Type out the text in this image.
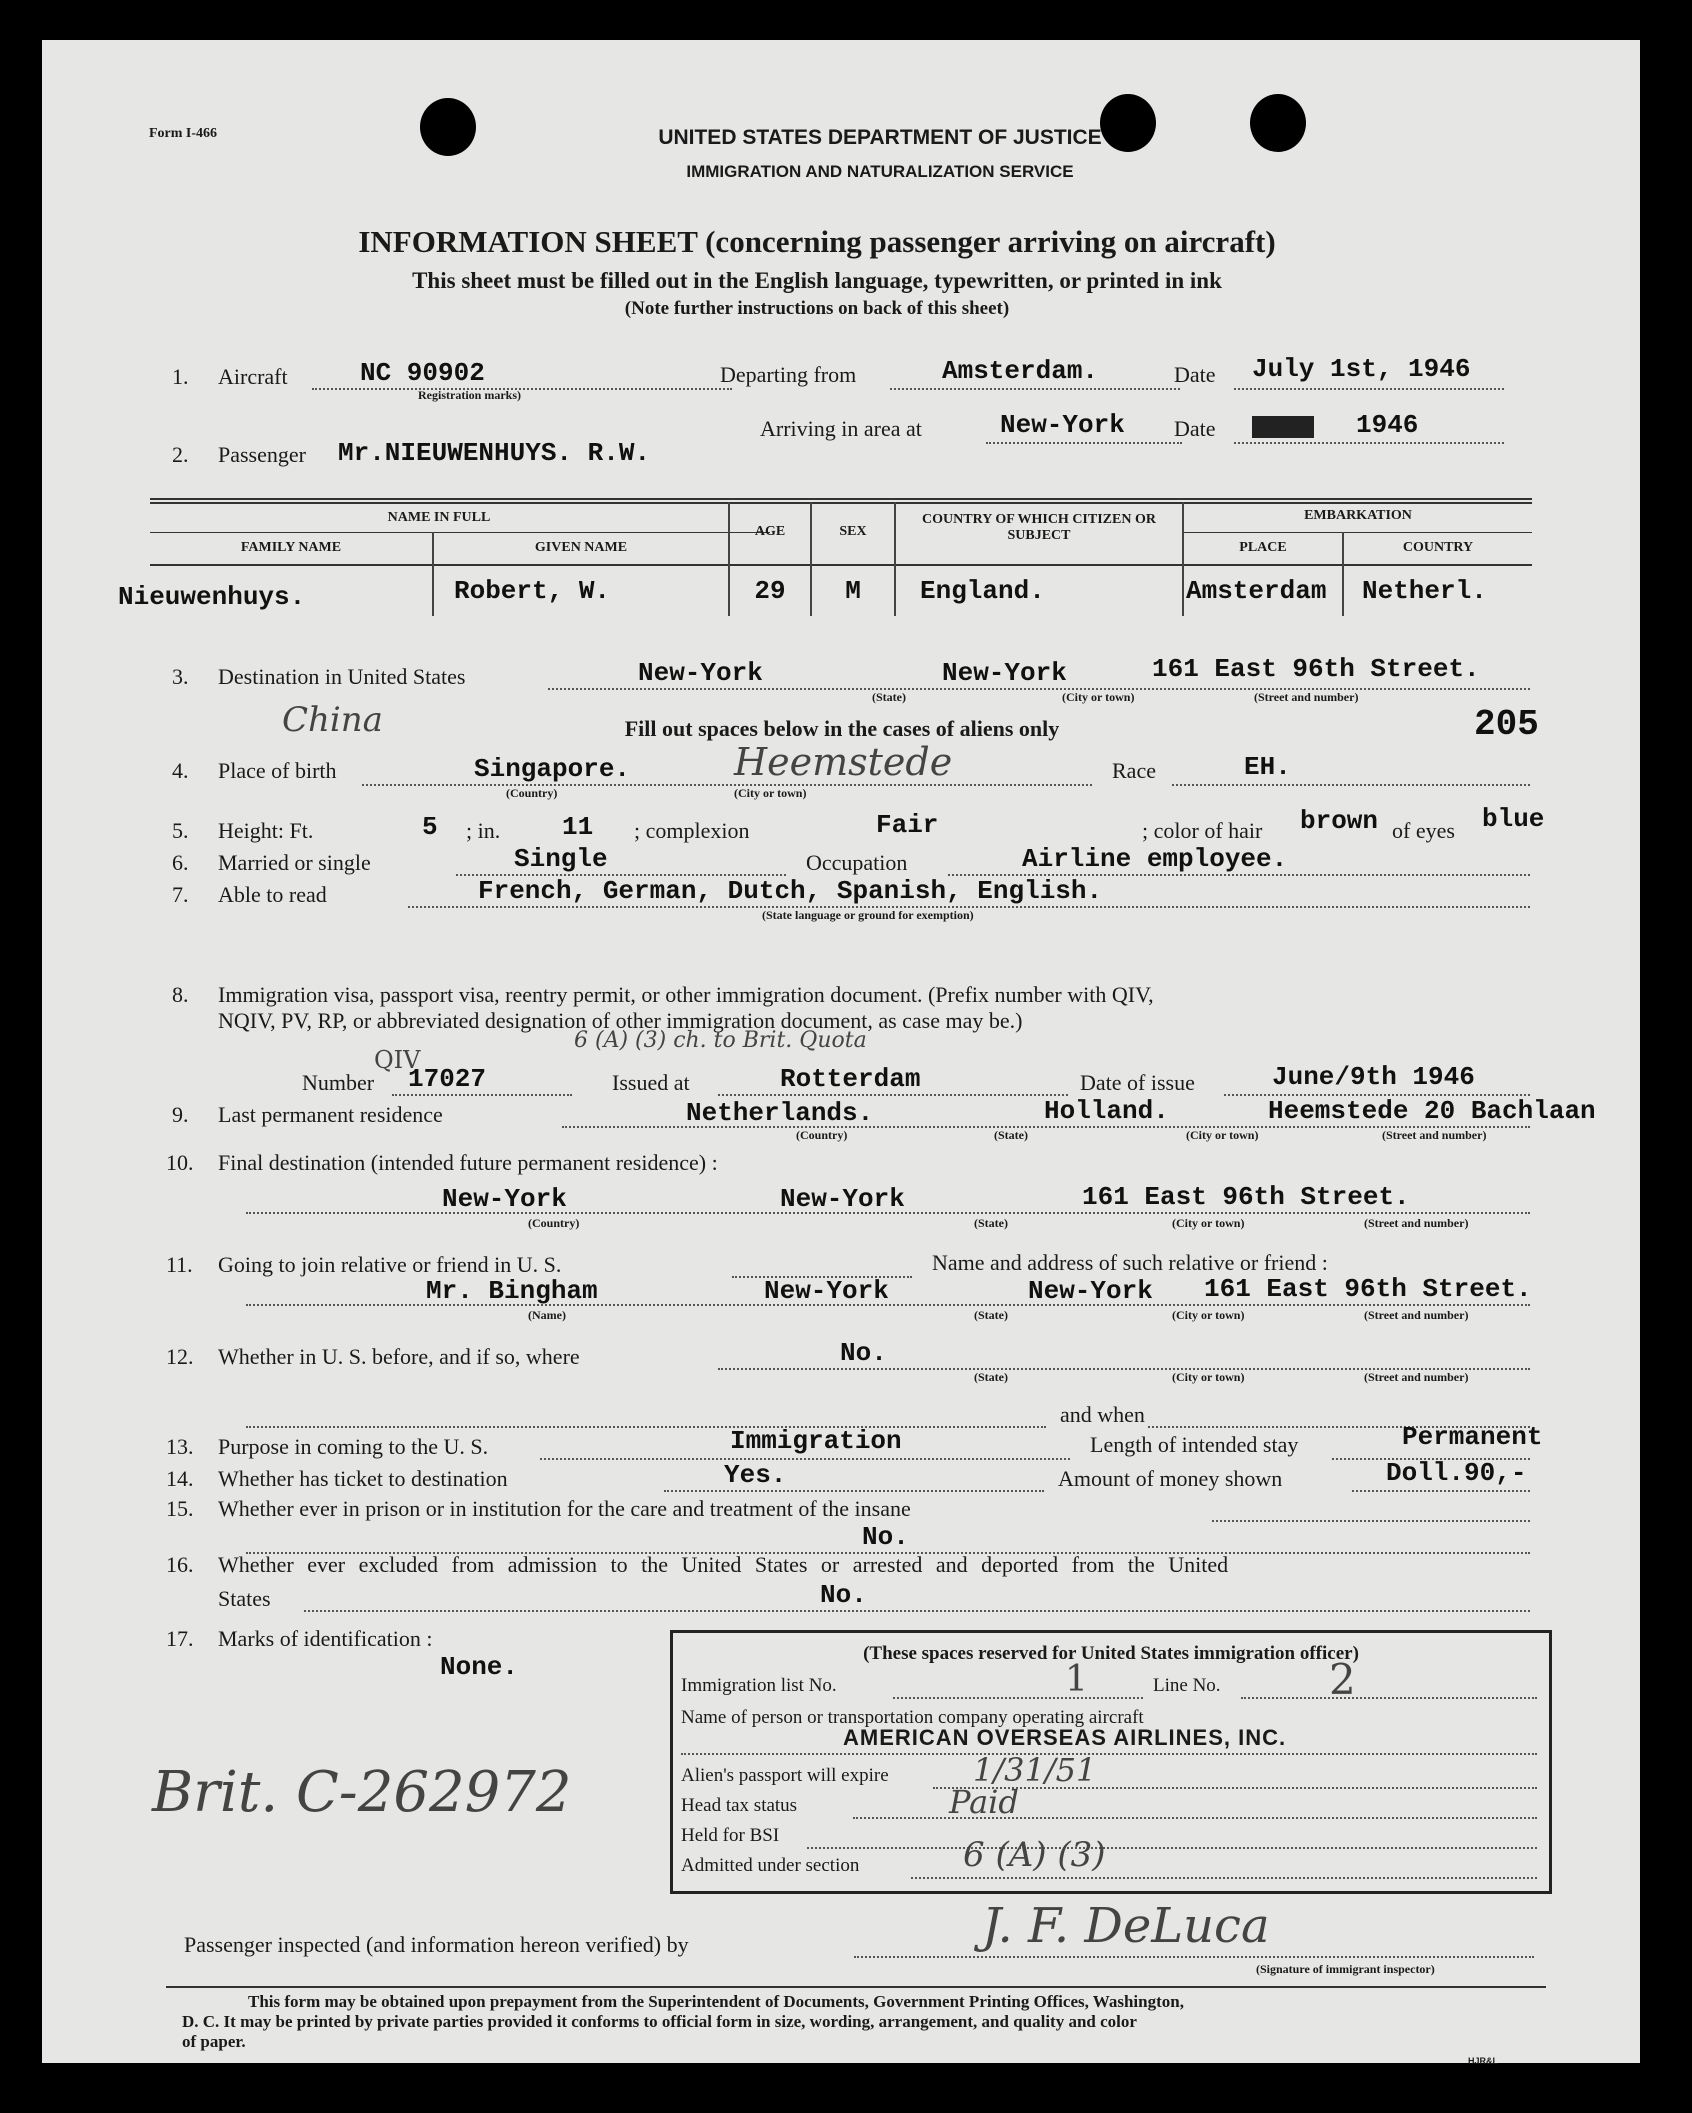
Form I-466	UNITED STATES DEPARTMENT OF JUSTICE
IMMIGRATION AND NATURALIZATION SERVICE
INFORMATION SHEET (concerning passenger arriving on aircraft)
This sheet must be filled out in the English language, typewritten, or printed in ink
(Note further instructions on back of this sheet)
1. Aircraft	NC 90902
Registration marks)
Departing from	Amsterdam.	Date July 1st, 1946
Arriving in area at	New-York Date	1946
2. Passenger Mr.NIEUWENHUYS. R.W.
NAME IN FULL
FAMILY NAME	GIVEN NAME
AGE	SEX
COUNTRY OF WHICH CITIZEN OR SUBJECT
EMBARKATION
PLACE	COUNTRY
Nieuwenhuys.	Robert, W.	29	M	England.	Amsterdam Netherl.
3. Destination in United States	New-York	New-York	161 East 96th Street.
(State)	(City or town)	(Street and number)
205
Fill out spaces below in the cases of aliens only
China
4. Place of birth	Singapore.	Heemstede
(Country)	(City or town)
Race	EH.
5. Height: Ft.	5 ; in. 11 ; complexion	Fair	; color of hair brown of eyes blue
6. Married or single	Single	Occupation	Airline employee.
7. Able to read	French, German, Dutch, Spanish, English.
(State language or ground for exemption)
8. Immigration visa, passport visa, reentry permit, or other immigration document. (Prefix number with QIV,
NQIV, PV, RP, or abbreviated designation of other immigration document, as case may be.)
6 (A) (3) ch. to Brit. Quota
Number
QIV
17027	Issued at	Rotterdam	Date of issue	June/9th 1946
9. Last permanent residence	Netherlands.	Holland.	Heemstede 20 Bachlaan
(Country)	(State)	(City or town)	(Street and number)
10. Final destination (intended future permanent residence) :
New-York	New-York	161 East 96th Street.
(Country)	(State)	(City or town)	(Street and number)
11. Going to join relative or friend in U. S.	Name and address of such relative or friend :
Mr. Bingham	New-York	New-York 161 East 96th Street.
(Name)	(State)	(City or town)	(Street and number)
12. Whether in U. S. before, and if so, where	No.
(State)	(City or town)	(Street and number)
and when
13. Purpose in coming to the U. S.	Immigration	Length of intended stay	Permanent
14. Whether has ticket to destination	Yes.	Amount of money shown	Doll.90,-
15. Whether ever in prison or in institution for the care and treatment of the insane
No.
16. Whether ever excluded from admission to the United States or arrested and deported from the United
States	No.
17. Marks of identification :
None.
Brit. C-262972
(These spaces reserved for United States immigration officer)
Immigration list No.	1	Line No.	2
Name of person or transportation company operating aircraft
AMERICAN OVERSEAS AIRLINES, INC.
Alien's passport will expire	1/31/51
Head tax status	Paid
Held for BSI
Admitted under section	6 (A) (3)
Passenger inspected (and information hereon verified) by	J. F. DeLuca
(Signature of immigrant inspector)
This form may be obtained upon prepayment from the Superintendent of Documents, Government Printing Offices, Washington,
D. C. It may be printed by private parties provided it conforms to official form in size, wording, arrangement, and quality and color
of paper.
HJR&L
